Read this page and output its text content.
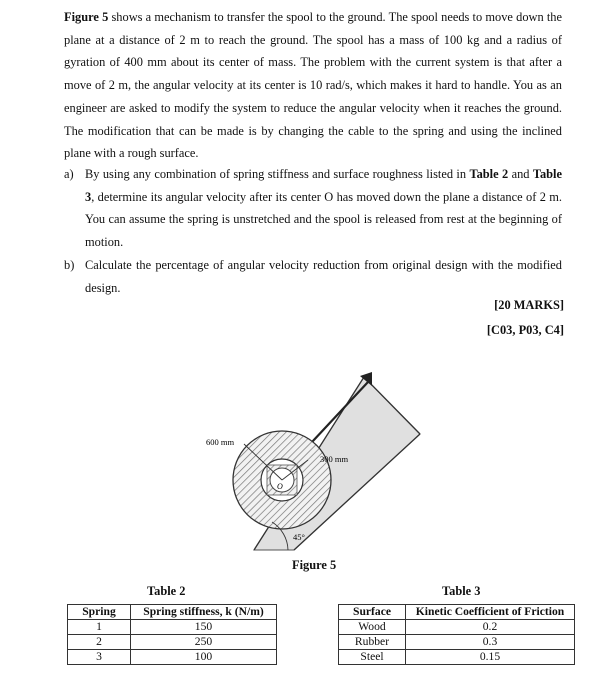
Figure 5 shows a mechanism to transfer the spool to the ground. The spool needs to move down the plane at a distance of 2 m to reach the ground. The spool has a mass of 100 kg and a radius of gyration of 400 mm about its center of mass. The problem with the current system is that after a move of 2 m, the angular velocity at its center is 10 rad/s, which makes it hard to handle. You as an engineer are asked to modify the system to reduce the angular velocity when it reaches the ground. The modification that can be made is by changing the cable to the spring and using the inclined plane with a rough surface.

a) By using any combination of spring stiffness and surface roughness listed in Table 2 and Table 3, determine its angular velocity after its center O has moved down the plane a distance of 2 m. You can assume the spring is unstretched and the spool is released from rest at the beginning of motion.
b) Calculate the percentage of angular velocity reduction from original design with the modified design.
[20 MARKS]
[C03, P03, C4]
600 mm
300 mm
O
45°
Figure 5
Table 2	Table 3
Spring	Spring stiffness, k (N/m)
1	150
2	250
3	100
Surface	Kinetic Coefficient of Friction
Wood	0.2
Rubber	0.3
Steel	0.15
